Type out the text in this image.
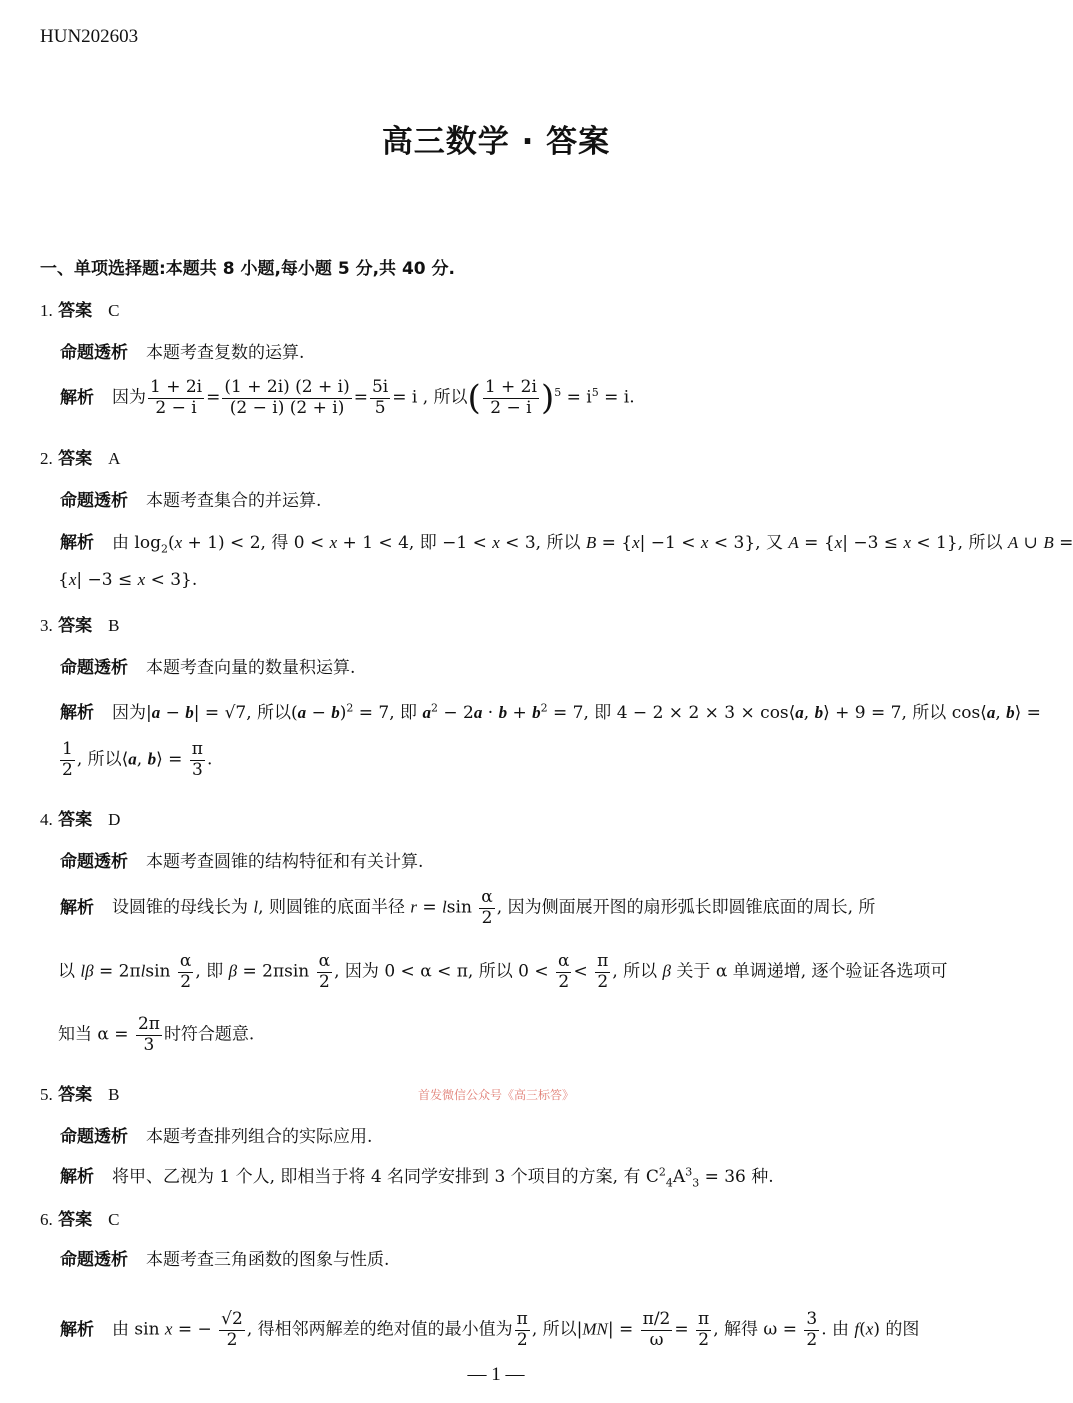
HUN202603
高三数学 · 答案
一、单项选择题:本题共 8 小题,每小题 5 分,共 40 分.
1. 答案 C
命题透析 本题考查复数的运算.
解析 因为 $\frac{1 + 2i}{2 - i} = \frac{(1 + 2i) (2 + i)}{(2 - i) (2 + i)} = \frac{5i}{5} = i$ , 所以( $\frac{1 + 2i}{2 - i} )^5 = i^5 = i$.
2. 答案 A
命题透析 本题考查集合的并运算.
解析 由 $\log_2(x + 1) < 2$, 得 0 < x + 1 < 4, 即 −1 < x < 3, 所以 B = {x| −1 < x < 3}, 又 A = {x| −3 ≤ x < 1}, 所以 A ∪ B =
{x| −3 ≤ x < 3}.
3. 答案 B
命题透析 本题考查向量的数量积运算.
解析 因为|a − b| = √7, 所以$(a - b)^2 = 7$, 即 $a^2 - 2a \cdot b + b^2 = 7$, 即 4 − 2 × 2 × 3 × cos⟨a, b⟩ + 9 = 7, 所以 cos⟨a, b⟩ =
$\frac{1}{2}$ , 所以⟨a, b⟩ = $\frac{\pi}{3}$ .
4. 答案 D
命题透析 本题考查圆锥的结构特征和有关计算.
解析 设圆锥的母线长为 l, 则圆锥的底面半径 r = lsin $\frac{\alpha}{2}$ , 因为侧面展开图的扇形弧长即圆锥底面的周长, 所
以 $l\beta = 2\pi lsin \frac{\alpha}{2}$ , 即 $\beta = 2\pi\sin \frac{\alpha}{2}$ , 因为 0 < α < π, 所以 $0 < \frac{\alpha}{2} < \frac{\pi}{2}$ , 所以 β 关于 α 单调递增, 逐个验证各选项可
知当 $\alpha = \frac{2\pi}{3}$ 时符合题意.
5. 答案 B	首发微信公众号《高三标答》
命题透析 本题考查排列组合的实际应用.
解析 将甲、乙视为 1 个人, 即相当于将 4 名同学安排到 3 个项目的方案, 有 $C^2_4A^3_3 = 36$ 种.
6. 答案 C
命题透析 本题考查三角函数的图象与性质.
解析 由 sin x = − $\frac{√2}{2}$ , 得相邻两解差的绝对值的最小值为 $\frac{\pi}{2}$ , 所以$|MN| = \frac{\pi/2}{\omega} = \frac{\pi}{2}$ , 解得 $\omega = \frac{3}{2}$ . 由 f(x) 的图
— 1 —
